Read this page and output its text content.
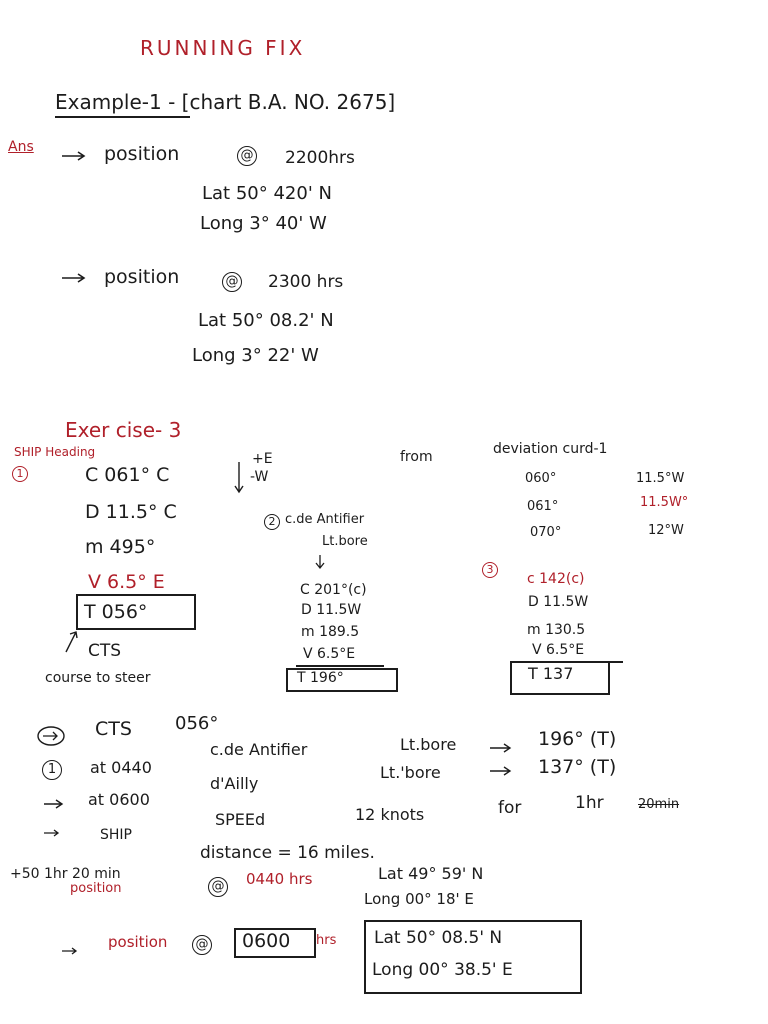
RUNNING FIX
Example-1 - [chart B.A. NO. 2675]
Ans	position	@ 2200hrs
Lat 50° 420' N
Long 3° 40' W
position	@ 2300 hrs
Lat 50° 08.2' N
Long 3° 22' W
Exer cise- 3
SHIP Heading
1	C 061° C
+E
-W
from	deviation curd-1
060°	11.5°W
061°	11.5W°
070°	12°W
D 11.5° C
m 495°
V 6.5° E
T 056°
CTS
course to steer
2 c.de Antifier
Lt.bore
C 201°(c)
D 11.5W
m 189.5
V 6.5°E
T 196°
3
c 142(c)
D 11.5W
m 130.5
V 6.5°E
T 137
CTS 056°
1	at 0440
c.de Antifier	Lt.bore	196° (T)
at 0600
d'Ailly
Lt.'bore	137° (T)
SHIP
SPEEd	12 knots	for	1hr	20min
+50 1hr 20 min
distance = 16 miles.
position	@ 0440 hrs	Lat 49° 59' N
Long 00° 18' E
position @ 0600 hrs Lat 50° 08.5' N
Long 00° 38.5' E
